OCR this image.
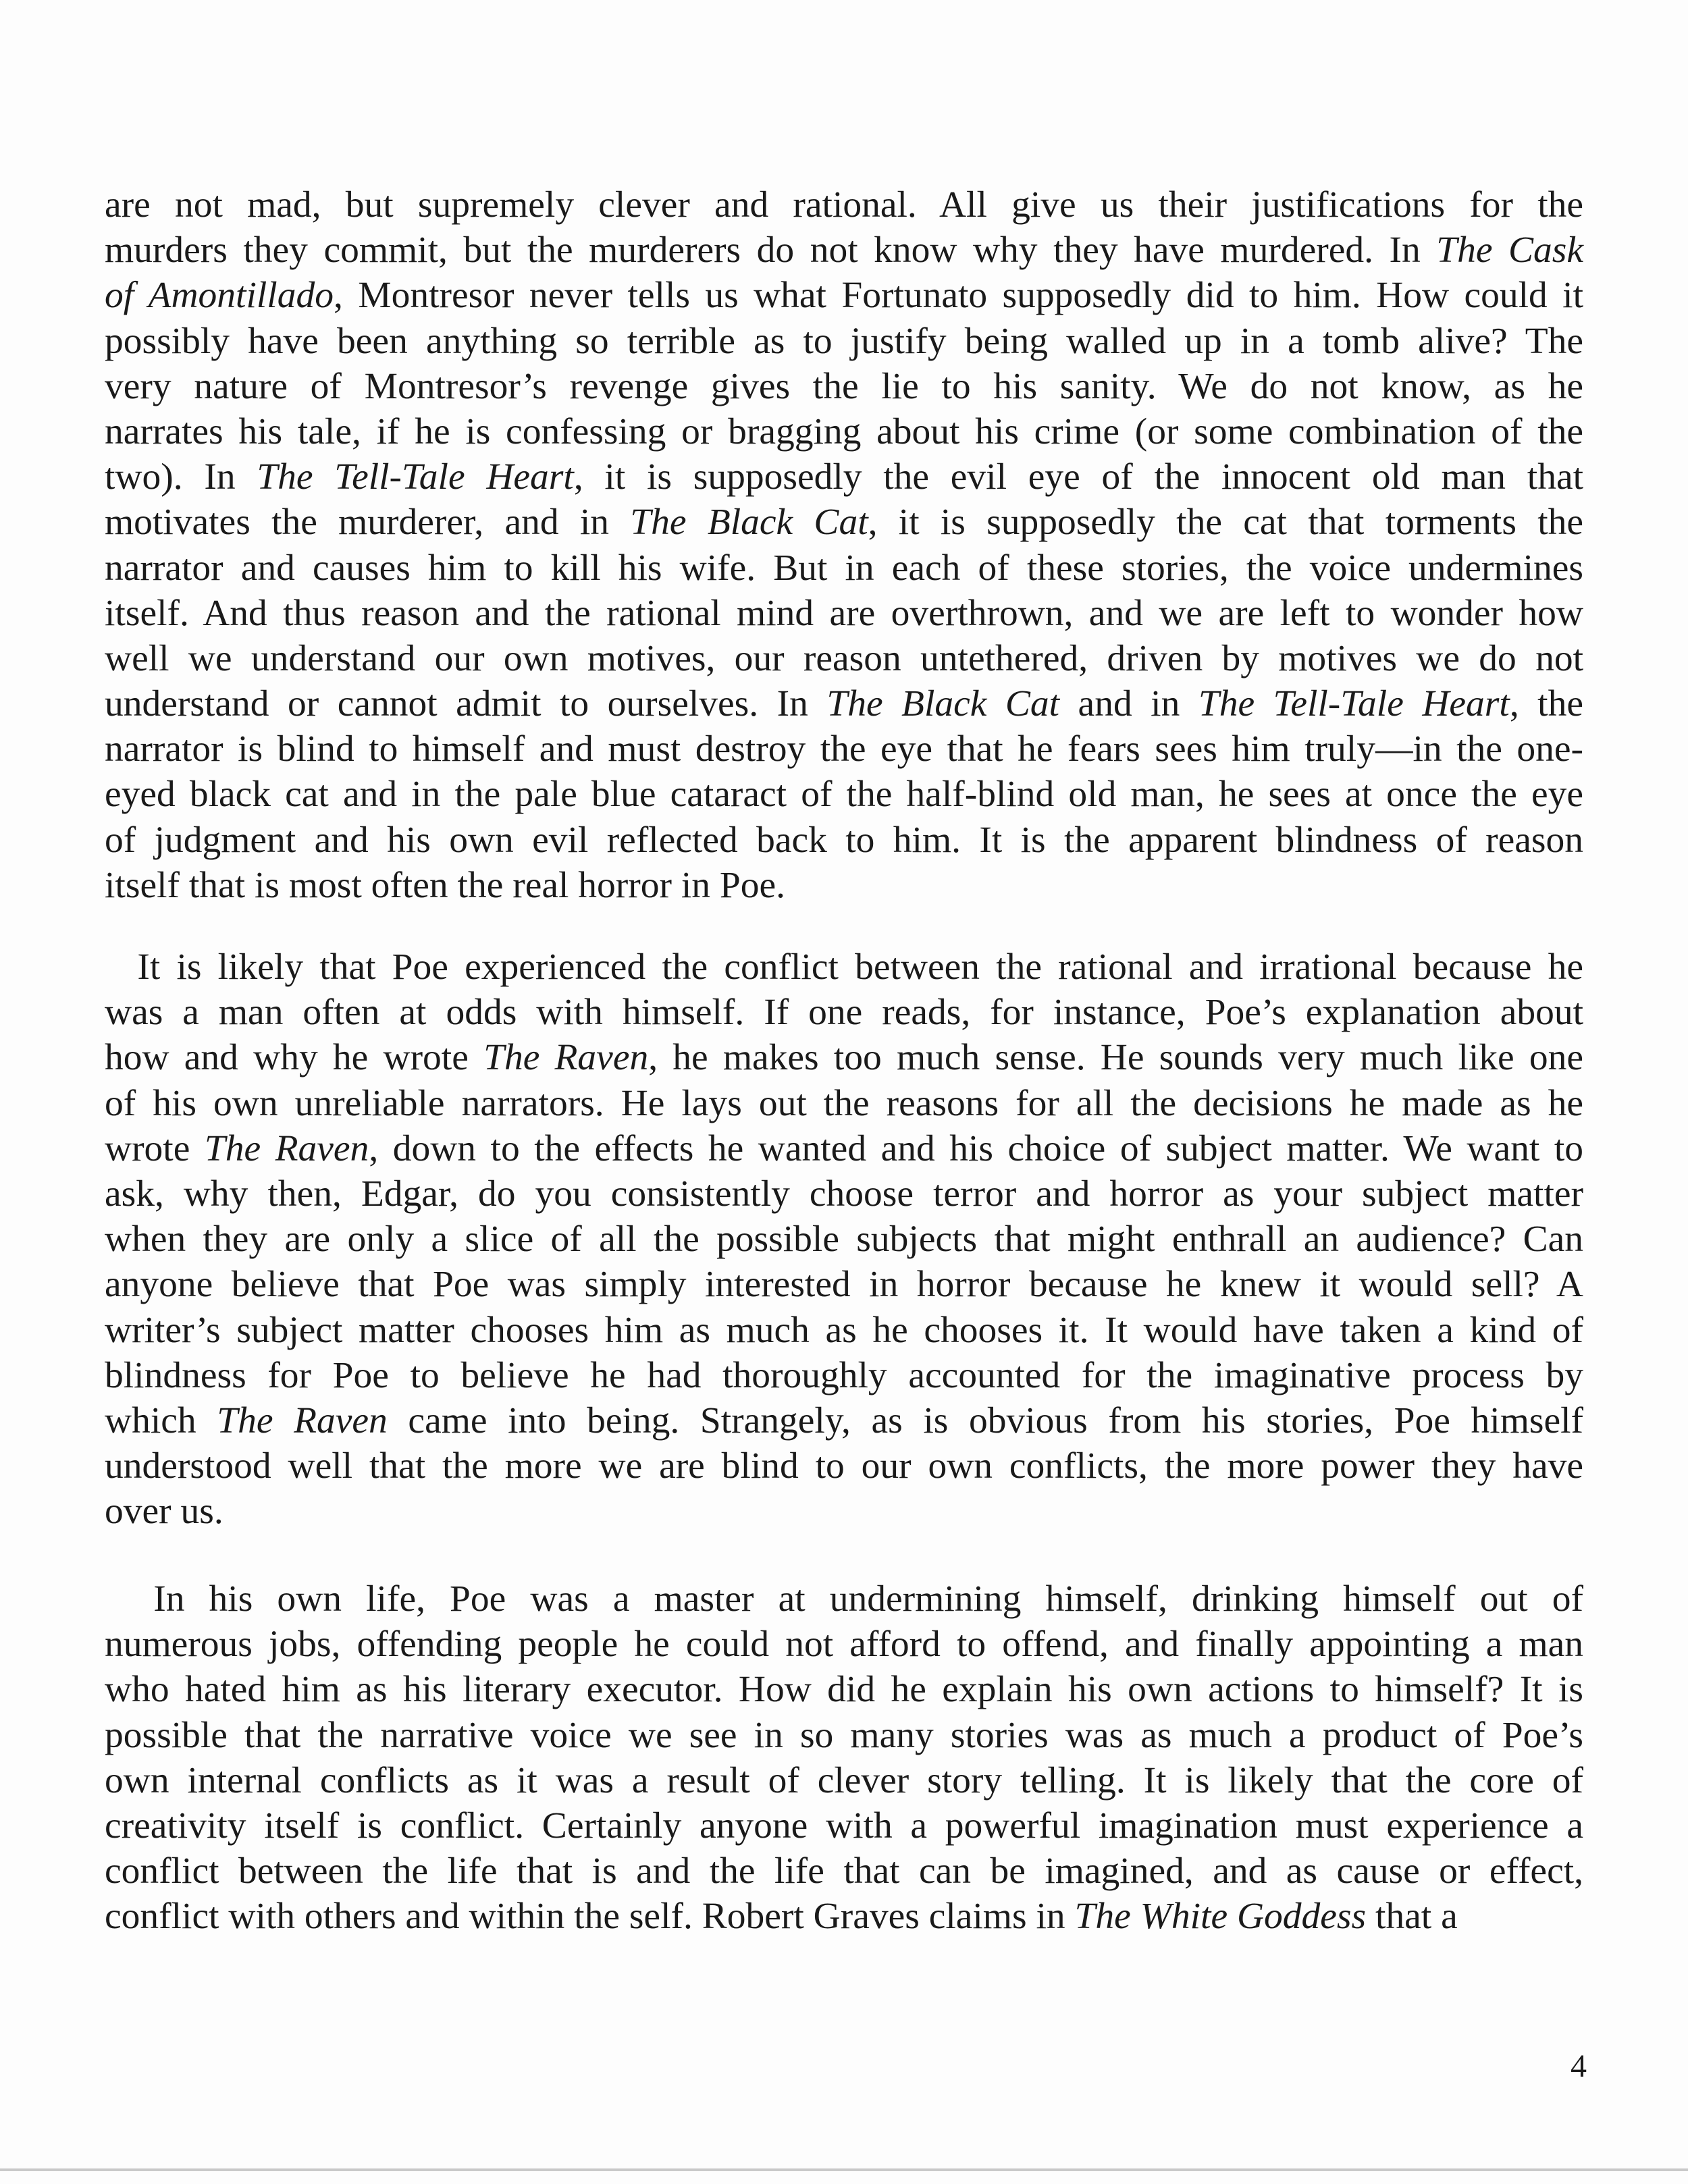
are not mad, but supremely clever and rational. All give us their justifications for the
murders they commit, but the murderers do not know why they have murdered. In The Cask
of Amontillado, Montresor never tells us what Fortunato supposedly did to him. How could it
possibly have been anything so terrible as to justify being walled up in a tomb alive? The
very nature of Montresor’s revenge gives the lie to his sanity. We do not know, as he
narrates his tale, if he is confessing or bragging about his crime (or some combination of the
two). In The Tell-Tale Heart, it is supposedly the evil eye of the innocent old man that
motivates the murderer, and in The Black Cat, it is supposedly the cat that torments the
narrator and causes him to kill his wife. But in each of these stories, the voice undermines
itself. And thus reason and the rational mind are overthrown, and we are left to wonder how
well we understand our own motives, our reason untethered, driven by motives we do not
understand or cannot admit to ourselves. In The Black Cat and in The Tell-Tale Heart, the
narrator is blind to himself and must destroy the eye that he fears sees him truly—in the one-
eyed black cat and in the pale blue cataract of the half-blind old man, he sees at once the eye
of judgment and his own evil reflected back to him. It is the apparent blindness of reason
itself that is most often the real horror in Poe.
It is likely that Poe experienced the conflict between the rational and irrational because he
was a man often at odds with himself. If one reads, for instance, Poe’s explanation about
how and why he wrote The Raven, he makes too much sense. He sounds very much like one
of his own unreliable narrators. He lays out the reasons for all the decisions he made as he
wrote The Raven, down to the effects he wanted and his choice of subject matter. We want to
ask, why then, Edgar, do you consistently choose terror and horror as your subject matter
when they are only a slice of all the possible subjects that might enthrall an audience? Can
anyone believe that Poe was simply interested in horror because he knew it would sell? A
writer’s subject matter chooses him as much as he chooses it. It would have taken a kind of
blindness for Poe to believe he had thoroughly accounted for the imaginative process by
which The Raven came into being. Strangely, as is obvious from his stories, Poe himself
understood well that the more we are blind to our own conflicts, the more power they have
over us.
In his own life, Poe was a master at undermining himself, drinking himself out of
numerous jobs, offending people he could not afford to offend, and finally appointing a man
who hated him as his literary executor. How did he explain his own actions to himself? It is
possible that the narrative voice we see in so many stories was as much a product of Poe’s
own internal conflicts as it was a result of clever story telling. It is likely that the core of
creativity itself is conflict. Certainly anyone with a powerful imagination must experience a
conflict between the life that is and the life that can be imagined, and as cause or effect,
conflict with others and within the self. Robert Graves claims in The White Goddess that a
4
